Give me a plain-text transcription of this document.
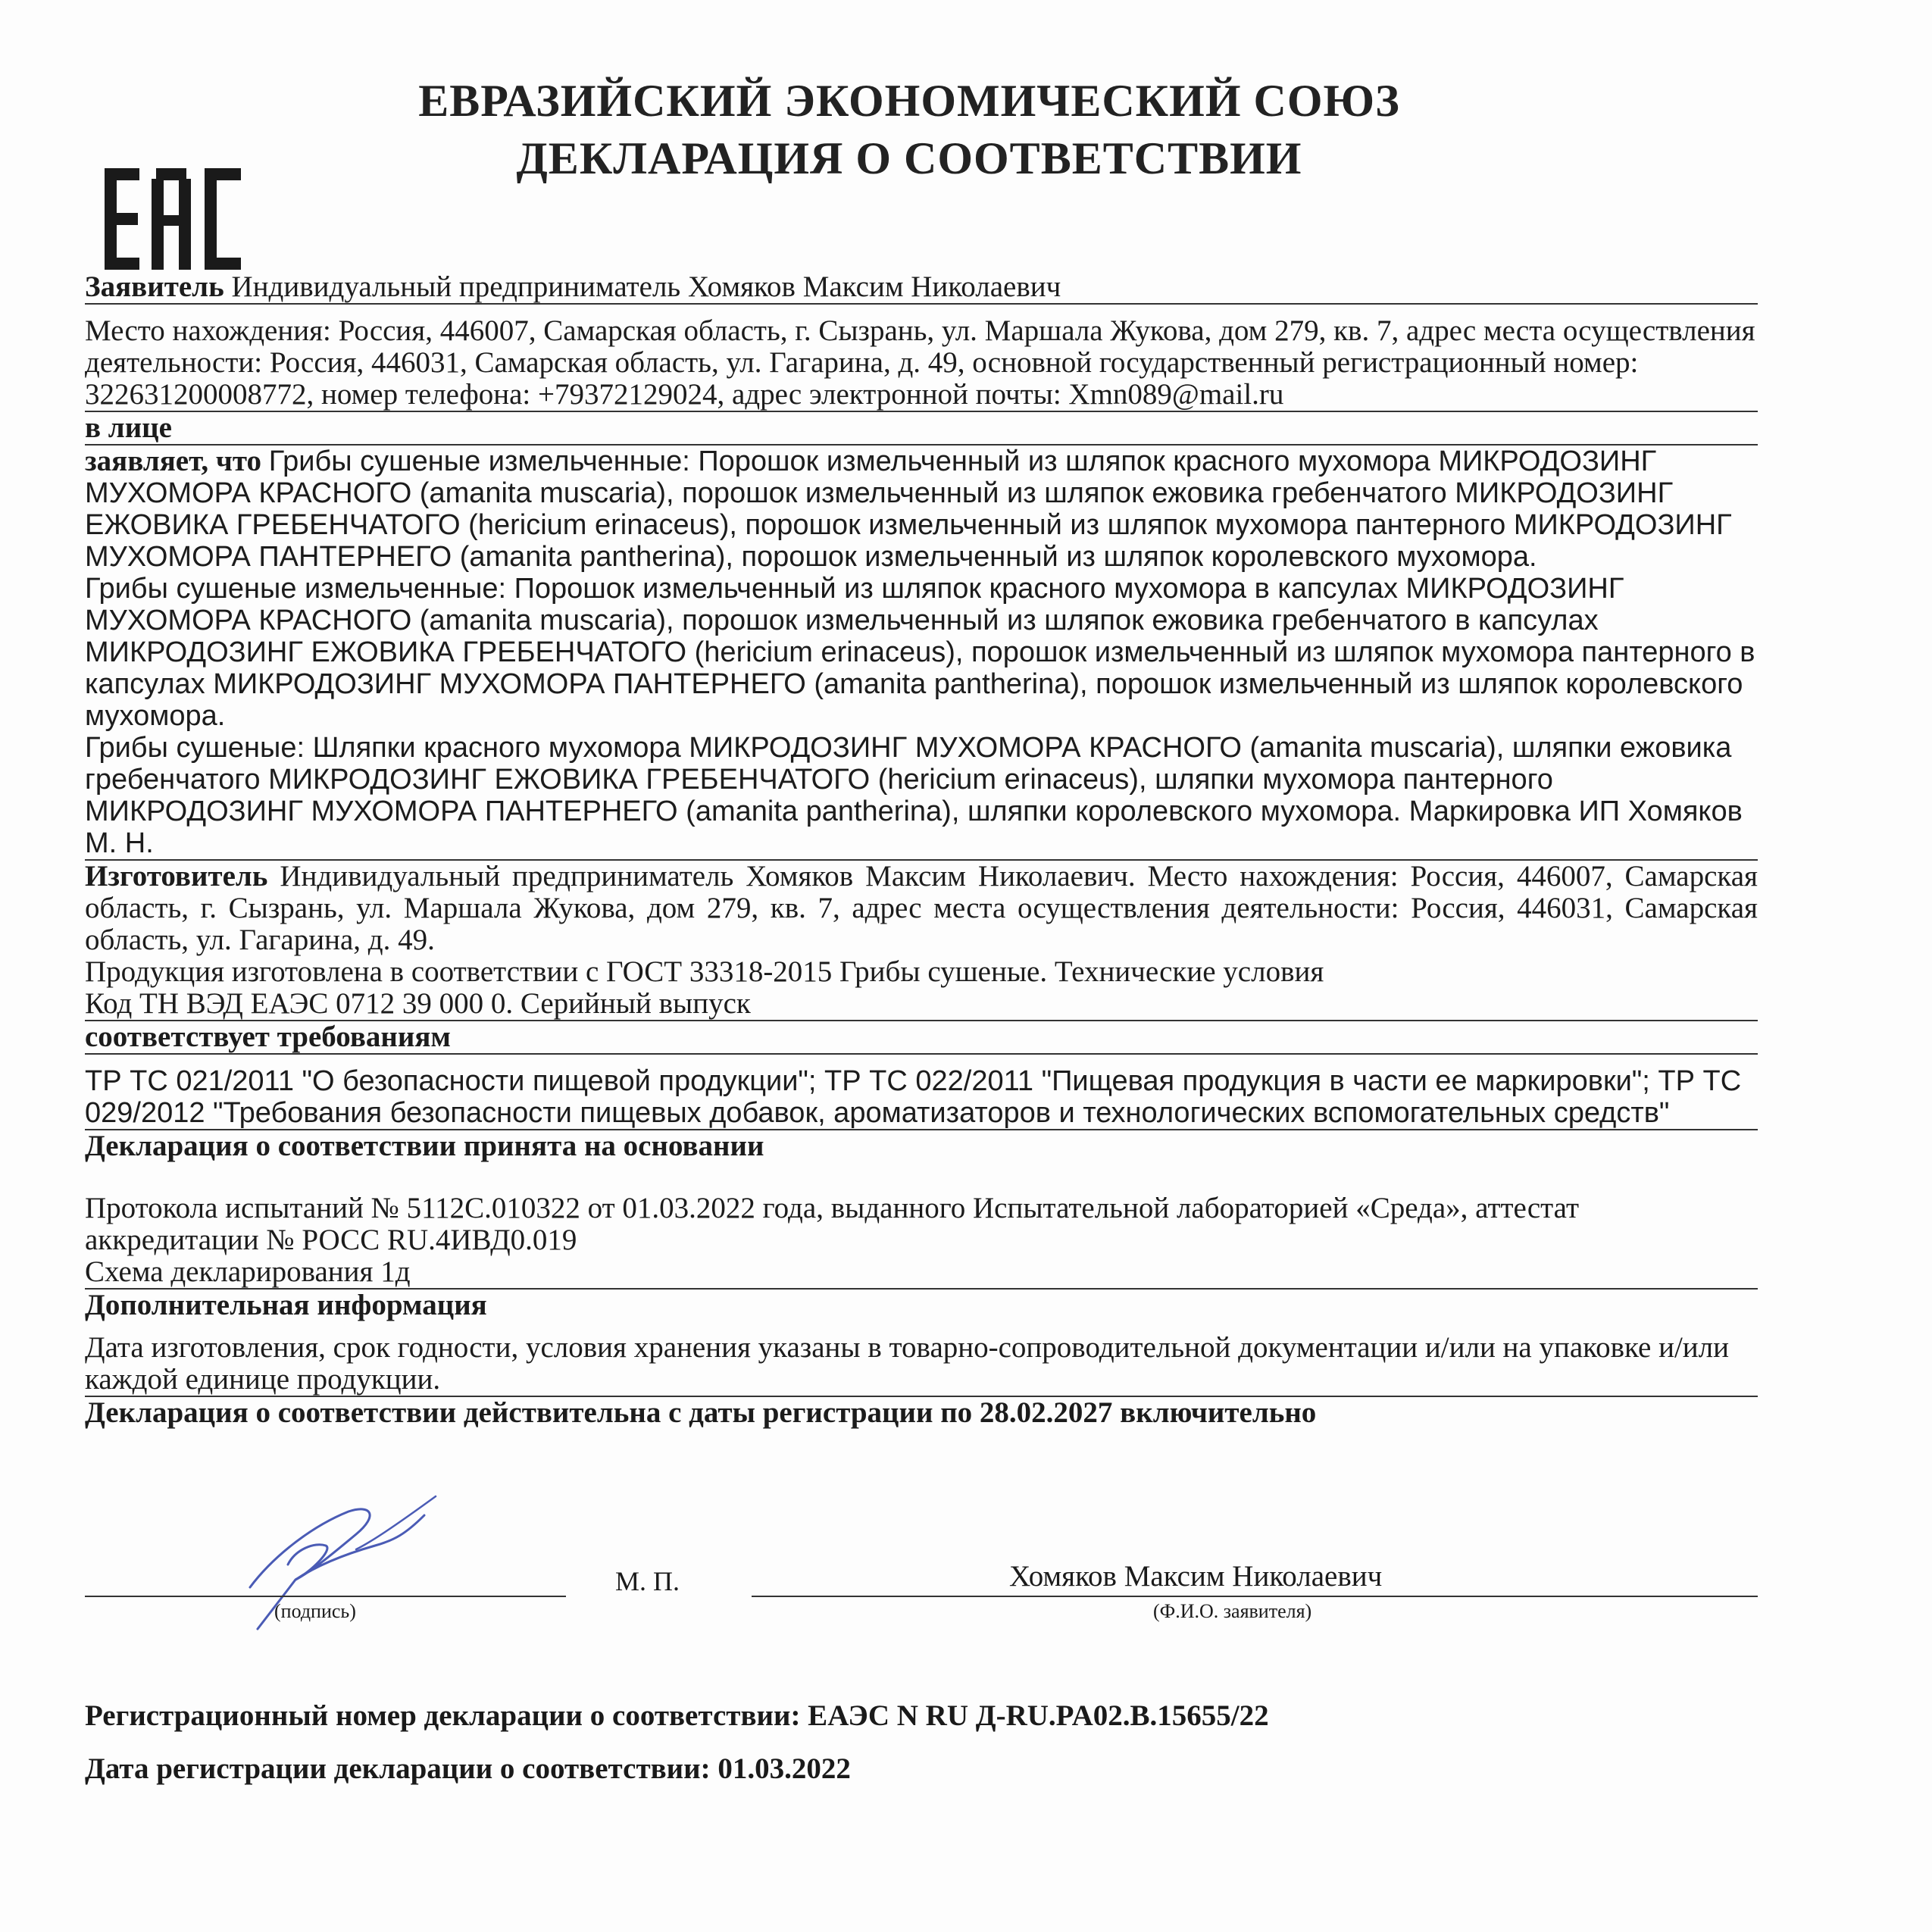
ЕВРАЗИЙСКИЙ ЭКОНОМИЧЕСКИЙ СОЮЗ
ДЕКЛАРАЦИЯ О СООТВЕТСТВИИ

Заявитель Индивидуальный предприниматель Хомяков Максим Николаевич

Место нахождения: Россия, 446007, Самарская область, г. Сызрань, ул. Маршала Жукова, дом 279, кв. 7, адрес места осуществления деятельности: Россия, 446031, Самарская область, ул. Гагарина, д. 49, основной государственный регистрационный номер: 322631200008772, номер телефона: +79372129024, адрес электронной почты: Xmn089@mail.ru

в лице

заявляет, что Грибы сушеные измельченные: Порошок измельченный из шляпок красного мухомора МИКРОДОЗИНГ МУХОМОРА КРАСНОГО (amanita muscaria), порошок измельченный из шляпок ежовика гребенчатого МИКРОДОЗИНГ ЕЖОВИКА ГРЕБЕНЧАТОГО (hericium erinaceus), порошок измельченный из шляпок мухомора пантерного МИКРОДОЗИНГ МУХОМОРА ПАНТЕРНЕГО (amanita pantherina), порошок измельченный из шляпок королевского мухомора.

Грибы сушеные измельченные: Порошок измельченный из шляпок красного мухомора в капсулах МИКРОДОЗИНГ МУХОМОРА КРАСНОГО (amanita muscaria), порошок измельченный из шляпок ежовика гребенчатого в капсулах МИКРОДОЗИНГ ЕЖОВИКА ГРЕБЕНЧАТОГО (hericium erinaceus), порошок измельченный из шляпок мухомора пантерного в капсулах МИКРОДОЗИНГ МУХОМОРА ПАНТЕРНЕГО (amanita pantherina), порошок измельченный из шляпок королевского мухомора.

Грибы сушеные: Шляпки красного мухомора МИКРОДОЗИНГ МУХОМОРА КРАСНОГО (amanita muscaria), шляпки ежовика гребенчатого МИКРОДОЗИНГ ЕЖОВИКА ГРЕБЕНЧАТОГО (hericium erinaceus), шляпки мухомора пантерного МИКРОДОЗИНГ МУХОМОРА ПАНТЕРНЕГО (amanita pantherina), шляпки королевского мухомора. Маркировка ИП Хомяков М. Н.

Изготовитель Индивидуальный предприниматель Хомяков Максим Николаевич. Место нахождения: Россия, 446007, Самарская область, г. Сызрань, ул. Маршала Жукова, дом 279, кв. 7, адрес места осуществления деятельности: Россия, 446031, Самарская область, ул. Гагарина, д. 49.

Продукция изготовлена в соответствии с ГОСТ 33318-2015 Грибы сушеные. Технические условия

Код ТН ВЭД ЕАЭС 0712 39 000 0. Серийный выпуск

соответствует требованиям

ТР ТС 021/2011 "О безопасности пищевой продукции"; ТР ТС 022/2011 "Пищевая продукция в части ее маркировки"; ТР ТС 029/2012 "Требования безопасности пищевых добавок, ароматизаторов и технологических вспомогательных средств"

Декларация о соответствии принята на основании

Протокола испытаний № 5112С.010322 от 01.03.2022 года, выданного Испытательной лабораторией «Среда», аттестат аккредитации № РОСС RU.4ИВД0.019

Схема декларирования 1д

Дополнительная информация

Дата изготовления, срок годности, условия хранения указаны в товарно-сопроводительной документации и/или на упаковке и/или каждой единице продукции.

Декларация о соответствии действительна с даты регистрации по 28.02.2027 включительно

(подпись)
М. П.	Хомяков Максим Николаевич
(Ф.И.О. заявителя)
Регистрационный номер декларации о соответствии: ЕАЭС N RU Д-RU.PA02.B.15655/22
Дата регистрации декларации о соответствии: 01.03.2022
